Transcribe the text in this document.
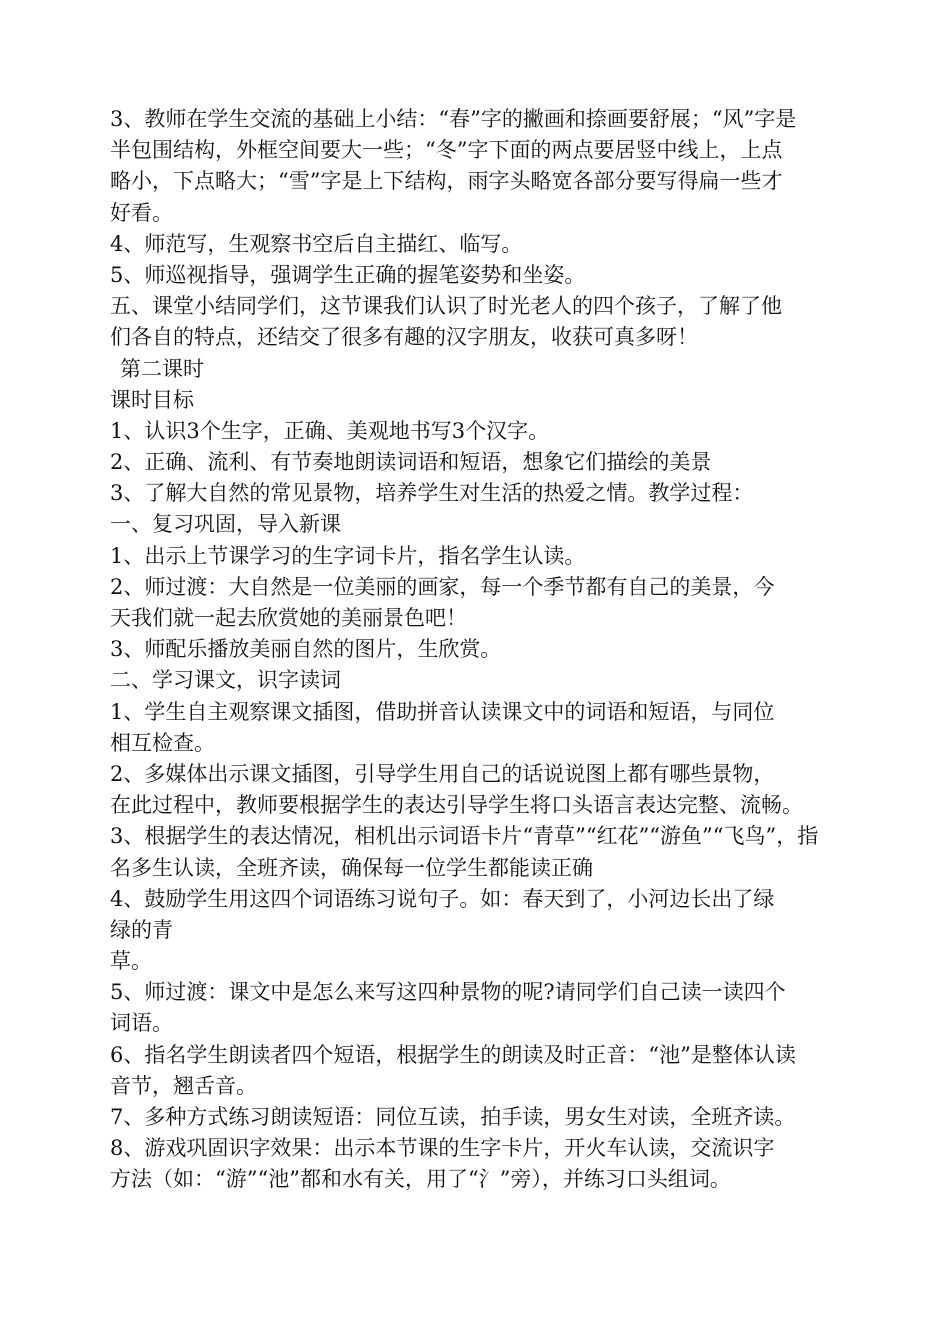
3、教师在学生交流的基础上小结：“春”字的撇画和捺画要舒展；“风”字是
半包围结构，外框空间要大一些；“冬”字下面的两点要居竖中线上，上点
略小，下点略大；“雪”字是上下结构，雨字头略宽各部分要写得扁一些才
好看。
4、师范写，生观察书空后自主描红、临写。
5、师巡视指导，强调学生正确的握笔姿势和坐姿。
五、课堂小结同学们，这节课我们认识了时光老人的四个孩子，了解了他
们各自的特点，还结交了很多有趣的汉字朋友，收获可真多呀！
第二课时
课时目标
1、认识3个生字，正确、美观地书写3个汉字。
2、正确、流利、有节奏地朗读词语和短语，想象它们描绘的美景
3、了解大自然的常见景物，培养学生对生活的热爱之情。教学过程：
一、复习巩固，导入新课
1、出示上节课学习的生字词卡片，指名学生认读。
2、师过渡：大自然是一位美丽的画家，每一个季节都有自己的美景，今
天我们就一起去欣赏她的美丽景色吧！
3、师配乐播放美丽自然的图片，生欣赏。
二、学习课文，识字读词
1、学生自主观察课文插图，借助拼音认读课文中的词语和短语，与同位
相互检查。
2、多媒体出示课文插图，引导学生用自己的话说说图上都有哪些景物，
在此过程中，教师要根据学生的表达引导学生将口头语言表达完整、流畅。
3、根据学生的表达情况，相机出示词语卡片“青草”“红花”“游鱼”“飞鸟”，指
名多生认读，全班齐读，确保每一位学生都能读正确
4、鼓励学生用这四个词语练习说句子。如：春天到了，小河边长出了绿
绿的青
草。
5、师过渡：课文中是怎么来写这四种景物的呢?请同学们自己读一读四个
词语。
6、指名学生朗读者四个短语，根据学生的朗读及时正音：“池”是整体认读
音节，翘舌音。
7、多种方式练习朗读短语：同位互读，拍手读，男女生对读，全班齐读。
8、游戏巩固识字效果：出示本节课的生字卡片，开火车认读，交流识字
方法（如：“游”“池”都和水有关，用了“氵”旁），并练习口头组词。
